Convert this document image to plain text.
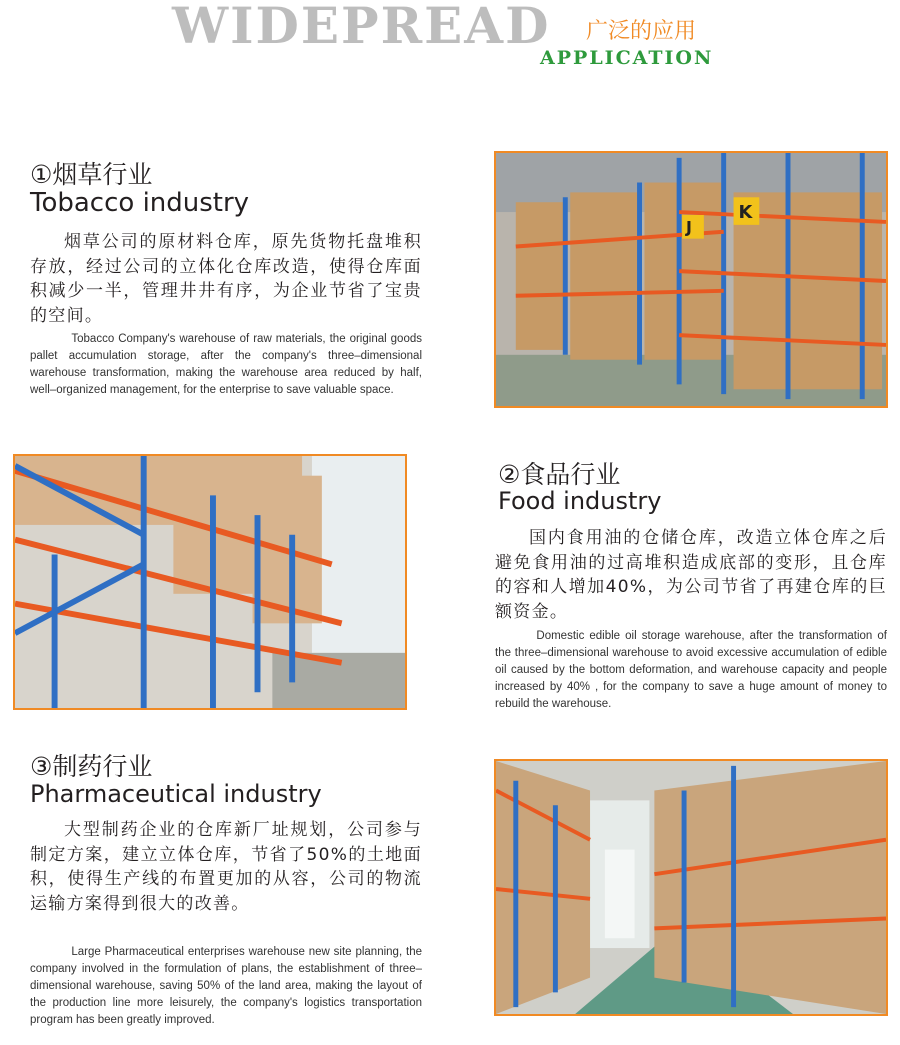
WIDEPREAD 广泛的应用
APPLICATION
①烟草行业
Tobacco industry

烟草公司的原材料仓库，原先货物托盘堆积存放，经过公司的立体化仓库改造，使得仓库面积减少一半，管理井井有序，为企业节省了宝贵的空间。

Tobacco Company's warehouse of raw materials, the original goods pallet accumulation storage, after the company's three–dimensional warehouse transformation, making the warehouse area reduced by half, well–organized management, for the enterprise to save valuable space.

J
K
②食品行业
Food industry

国内食用油的仓储仓库，改造立体仓库之后避免食用油的过高堆积造成底部的变形，且仓库的容和人增加40%，为公司节省了再建仓库的巨额资金。

Domestic edible oil storage warehouse, after the transformation of the three–dimensional warehouse to avoid excessive accumulation of edible oil caused by the bottom deformation, and warehouse capacity and people increased by 40% , for the company to save a huge amount of money to rebuild the warehouse.

③制药行业
Pharmaceutical industry

大型制药企业的仓库新厂址规划，公司参与制定方案，建立立体仓库，节省了50%的土地面积，使得生产线的布置更加的从容，公司的物流运输方案得到很大的改善。

Large Pharmaceutical enterprises warehouse new site planning, the company involved in the formulation of plans, the establishment of three–dimensional warehouse, saving 50% of the land area, making the layout of the production line more leisurely, the company's logistics transportation program has been greatly improved.
